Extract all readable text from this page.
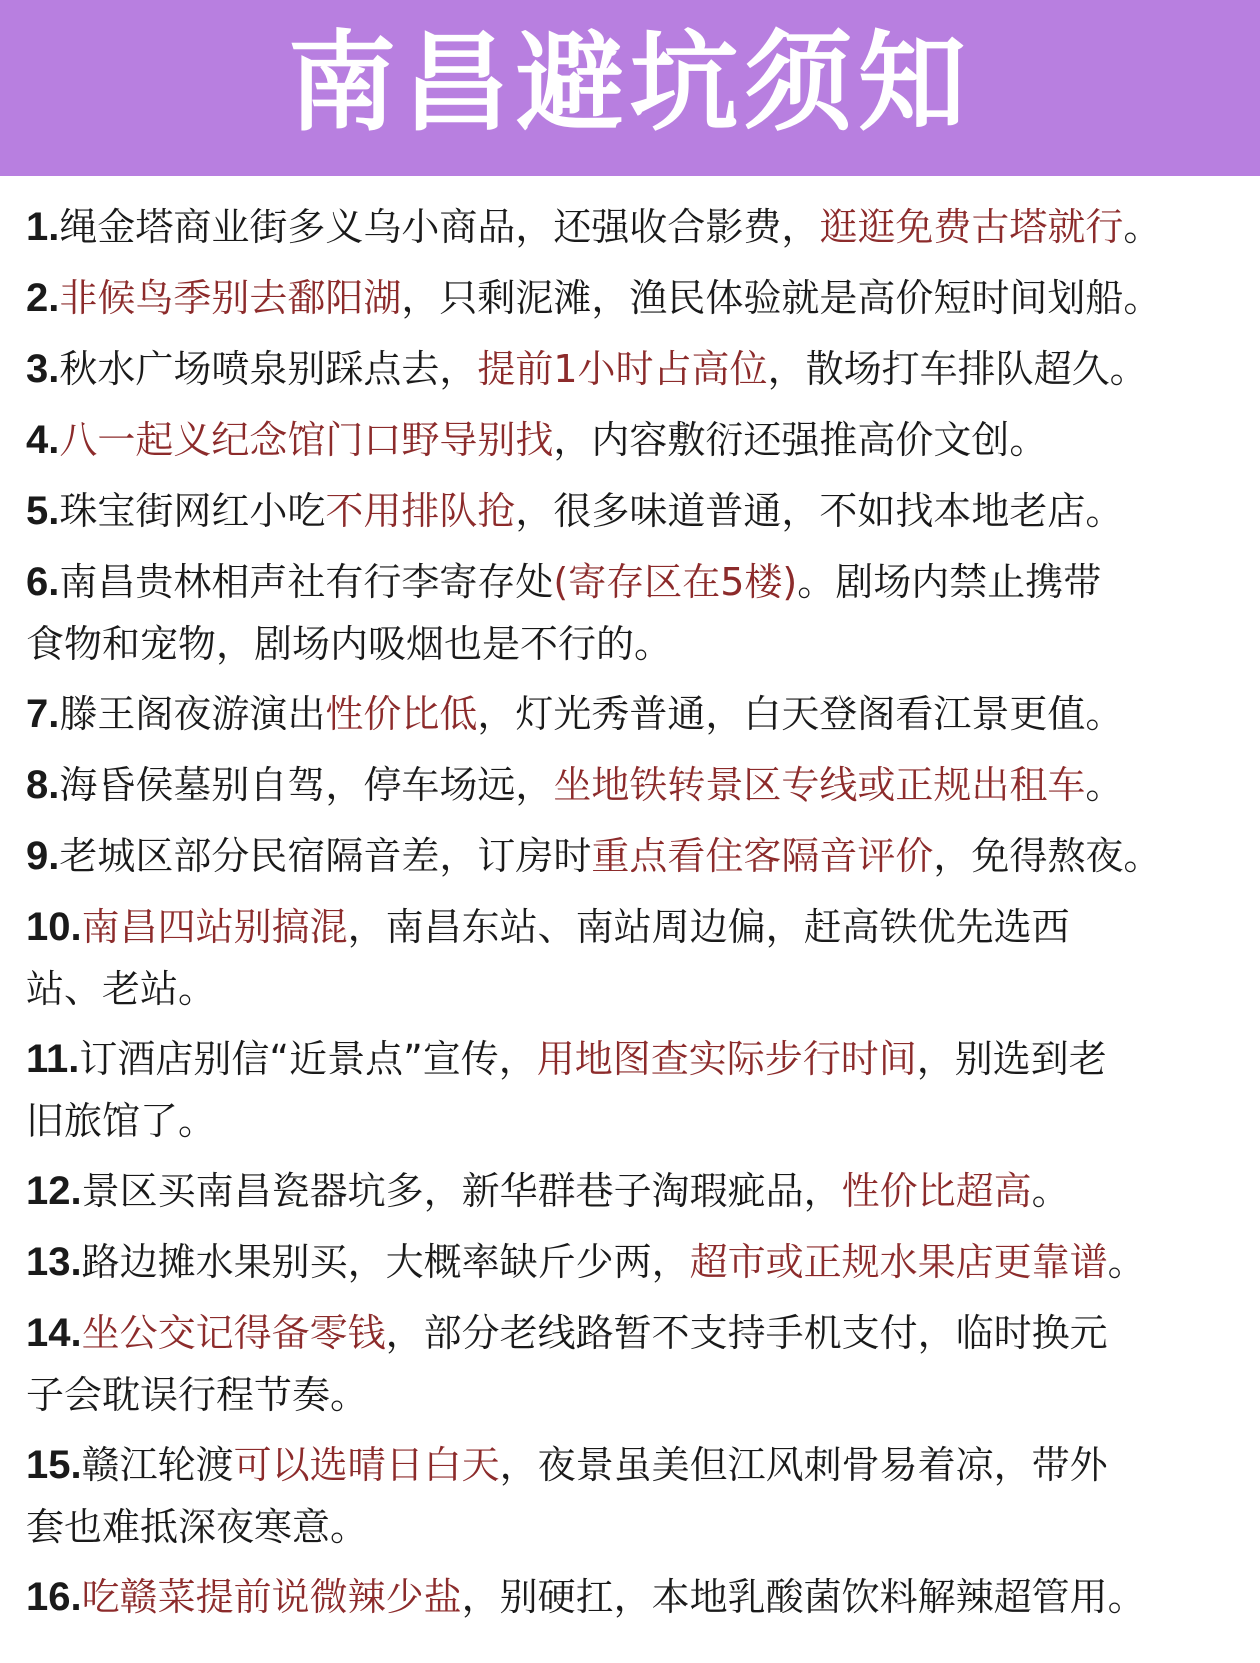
南昌避坑须知
1.绳金塔商业街多义乌小商品，还强收合影费，逛逛免费古塔就行。
2.非候鸟季别去鄱阳湖，只剩泥滩，渔民体验就是高价短时间划船。
3.秋水广场喷泉别踩点去，提前1小时占高位，散场打车排队超久。
4.八一起义纪念馆门口野导别找，内容敷衍还强推高价文创。
5.珠宝街网红小吃不用排队抢，很多味道普通，不如找本地老店。
6.南昌贵林相声社有行李寄存处(寄存区在5楼)。剧场内禁止携带食物和宠物，剧场内吸烟也是不行的。
7.滕王阁夜游演出性价比低，灯光秀普通，白天登阁看江景更值。
8.海昏侯墓别自驾，停车场远，坐地铁转景区专线或正规出租车。
9.老城区部分民宿隔音差，订房时重点看住客隔音评价，免得熬夜。
10.南昌四站别搞混，南昌东站、南站周边偏，赶高铁优先选西站、老站。
11.订酒店别信“近景点”宣传，用地图查实际步行时间，别选到老旧旅馆了。
12.景区买南昌瓷器坑多，新华群巷子淘瑕疵品，性价比超高。
13.路边摊水果别买，大概率缺斤少两，超市或正规水果店更靠谱。
14.坐公交记得备零钱，部分老线路暂不支持手机支付，临时换元子会耽误行程节奏。
15.赣江轮渡可以选晴日白天，夜景虽美但江风刺骨易着凉，带外套也难抵深夜寒意。
16.吃赣菜提前说微辣少盐，别硬扛，本地乳酸菌饮料解辣超管用。
